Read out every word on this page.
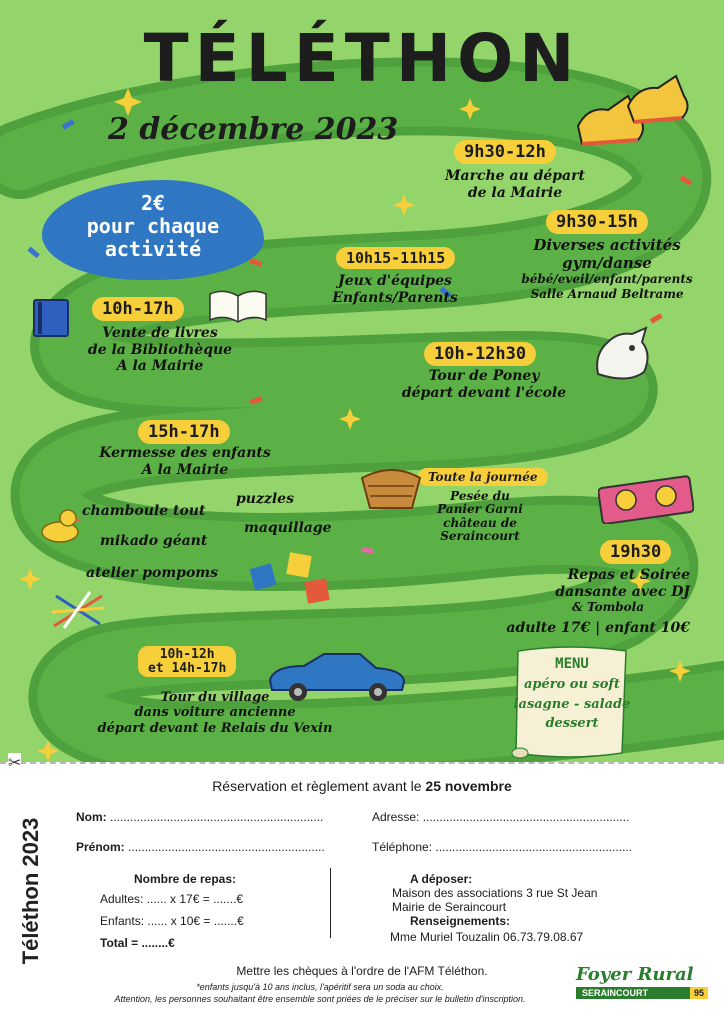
TÉLÉTHON
2 décembre 2023
2€
pour chaque
activité
9h30-12h
Marche au départ
de la Mairie
9h30-15h
Diverses activités
gym/danse
bébé/eveil/enfant/parents
Salle Arnaud Beltrame
10h15-11h15
Jeux d'équipes
Enfants/Parents
10h-17h
Vente de livres
de la Bibliothèque
A la Mairie
10h-12h30
Tour de Poney
départ devant l'école
15h-17h
Kermesse des enfants
A la Mairie
chamboule tout
puzzles
mikado géant
maquillage
atelier pompoms
Toute la journée
Pesée du
Panier Garni
château de
Seraincourt
19h30
Repas et Soirée
dansante avec DJ
& Tombola
adulte 17€ | enfant 10€
10h-12h
et 14h-17h
Tour du village
dans voiture ancienne
départ devant le Relais du Vexin
MENU
apéro ou soft
lasagne - salade
dessert
✂
Réservation et règlement avant le 25 novembre
Nom: ................................................................
Prénom: ...........................................................
Adresse: ..............................................................
Téléphone: ...........................................................
Nombre de repas:
Adultes: ...... x 17€ = .......€
Enfants: ...... x 10€ = .......€
Total = ........€
A déposer:
Maison des associations 3 rue St Jean
Mairie de Seraincourt
Renseignements:
Mme Muriel Touzalin 06.73.79.08.67
Mettre les chèques à l'ordre de l'AFM Téléthon.
*enfants jusqu'à 10 ans inclus, l'apéritif sera un soda au choix.
Attention, les personnes souhaitant être ensemble sont priées de le préciser sur le bulletin d'inscription.
Foyer Rural
SERAINCOURT	95
Téléthon 2023
